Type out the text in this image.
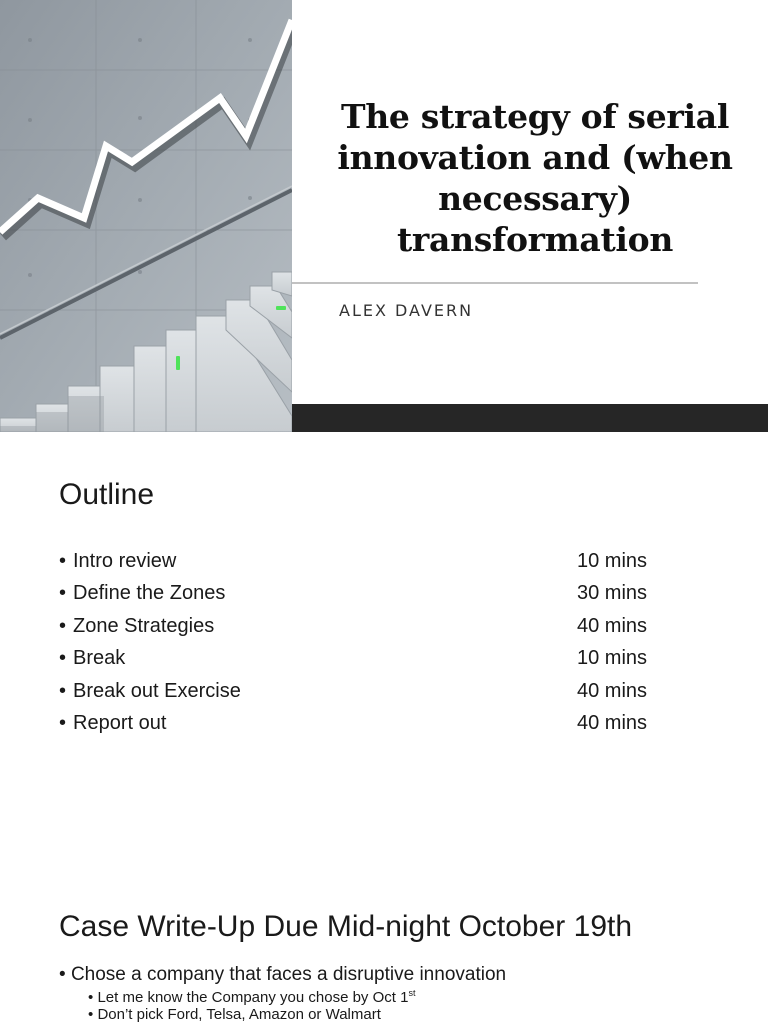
The strategy of serial innovation and (when necessary) transformation
ALEX DAVERN
Outline
• Intro review	10 mins
• Define the Zones	30 mins
• Zone Strategies	40 mins
• Break	10 mins
• Break out Exercise	40 mins
• Report out	40 mins
Case Write-Up Due Mid-night October 19th
• Chose a company that faces a disruptive innovation
• Let me know the Company you chose by Oct 1st
• Don’t pick Ford, Telsa, Amazon or Walmart
